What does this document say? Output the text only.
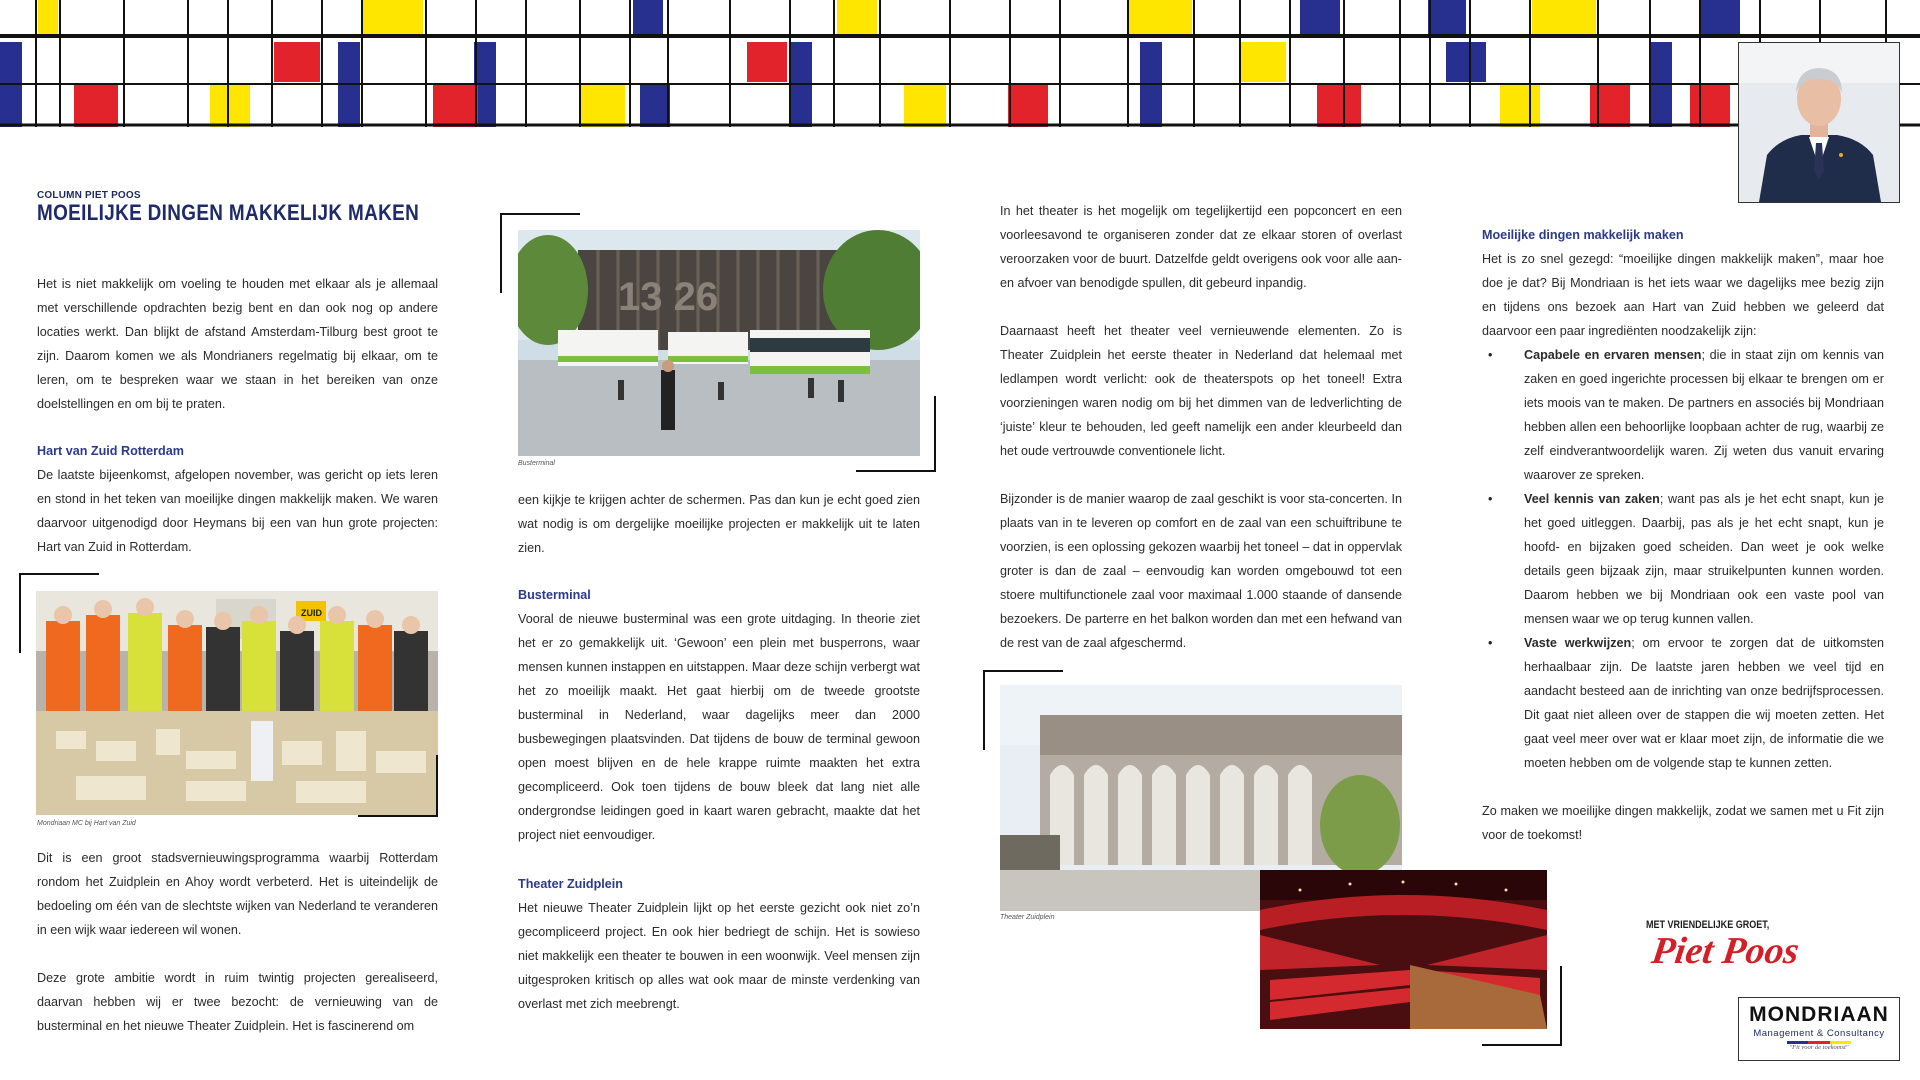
COLUMN PIET POOS
MOEILIJKE DINGEN MAKKELIJK MAKEN

Het is niet makkelijk om voeling te houden met elkaar als je allemaal met verschillende opdrachten bezig bent en dan ook nog op andere locaties werkt. Dan blijkt de afstand Amsterdam-Tilburg best groot te zijn. Daarom komen we als Mondrianers regelmatig bij elkaar, om te leren, om te bespreken waar we staan in het bereiken van onze doelstellingen en om bij te praten.

Hart van Zuid Rotterdam

De laatste bijeenkomst, afgelopen november, was gericht op iets leren en stond in het teken van moeilijke dingen makkelijk maken. We waren daarvoor uitgenodigd door Heymans bij een van hun grote projecten: Hart van Zuid in Rotterdam.

ZUID
Mondriaan MC bij Hart van Zuid

Dit is een groot stadsvernieuwingsprogramma waarbij Rotterdam rondom het Zuidplein en Ahoy wordt verbeterd. Het is uiteindelijk de bedoeling om één van de slechtste wijken van Nederland te veranderen in een wijk waar iedereen wil wonen.

Deze grote ambitie wordt in ruim twintig projecten gerealiseerd, daarvan hebben wij er twee bezocht: de vernieuwing van de busterminal en het nieuwe Theater Zuidplein. Het is fascinerend om

13 26
Busterminal

een kijkje te krijgen achter de schermen. Pas dan kun je echt goed zien wat nodig is om dergelijke moeilijke projecten er makkelijk uit te laten zien.

Busterminal

Vooral de nieuwe busterminal was een grote uitdaging. In theorie ziet het er zo gemakkelijk uit. ‘Gewoon’ een plein met busperrons, waar mensen kunnen instappen en uitstappen. Maar deze schijn verbergt wat het zo moeilijk maakt. Het gaat hierbij om de tweede grootste busterminal in Nederland, waar dagelijks meer dan 2000 busbewegingen plaatsvinden. Dat tijdens de bouw de terminal gewoon open moest blijven en de hele krappe ruimte maakten het extra gecompliceerd. Ook toen tijdens de bouw bleek dat lang niet alle ondergrondse leidingen goed in kaart waren gebracht, maakte dat het project niet eenvoudiger.

Theater Zuidplein

Het nieuwe Theater Zuidplein lijkt op het eerste gezicht ook niet zo’n gecompliceerd project. En ook hier bedriegt de schijn. Het is sowieso niet makkelijk een theater te bouwen in een woonwijk. Veel mensen zijn uitgesproken kritisch op alles wat ook maar de minste verdenking van overlast met zich meebrengt.

In het theater is het mogelijk om tegelijkertijd een popconcert en een voorleesavond te organiseren zonder dat ze elkaar storen of overlast veroorzaken voor de buurt. Datzelfde geldt overigens ook voor alle aan- en afvoer van benodigde spullen, dit gebeurd inpandig.

Daarnaast heeft het theater veel vernieuwende elementen. Zo is Theater Zuidplein het eerste theater in Nederland dat helemaal met ledlampen wordt verlicht: ook de theaterspots op het toneel! Extra voorzieningen waren nodig om bij het dimmen van de ledverlichting de ‘juiste’ kleur te behouden, led geeft namelijk een ander kleurbeeld dan het oude vertrouwde conventionele licht.

Bijzonder is de manier waarop de zaal geschikt is voor sta-concerten. In plaats van in te leveren op comfort en de zaal van een schuiftribune te voorzien, is een oplossing gekozen waarbij het toneel – dat in oppervlak groter is dan de zaal – eenvoudig kan worden omgebouwd tot een stoere multifunctionele zaal voor maximaal 1.000 staande of dansende bezoekers. De parterre en het balkon worden dan met een hefwand van de rest van de zaal afgeschermd.

Theater Zuidplein

Moeilijke dingen makkelijk maken

Het is zo snel gezegd: “moeilijke dingen makkelijk maken”, maar hoe doe je dat? Bij Mondriaan is het iets waar we dagelijks mee bezig zijn en tijdens ons bezoek aan Hart van Zuid hebben we geleerd dat daarvoor een paar ingrediënten noodzakelijk zijn:

•	Capabele en ervaren mensen; die in staat zijn om kennis van zaken en goed ingerichte processen bij elkaar te brengen om er iets moois van te maken. De partners en associés bij Mondriaan hebben allen een behoorlijke loopbaan achter de rug, waarbij ze zelf eindverantwoordelijk waren. Zij weten dus vanuit ervaring waarover ze spreken.

•	Veel kennis van zaken; want pas als je het echt snapt, kun je het goed uitleggen. Daarbij, pas als je het echt snapt, kun je hoofd- en bijzaken goed scheiden. Dan weet je ook welke details geen bijzaak zijn, maar struikelpunten kunnen worden. Daarom hebben we bij Mondriaan ook een vaste pool van mensen waar we op terug kunnen vallen.

•	Vaste werkwijzen; om ervoor te zorgen dat de uitkomsten herhaalbaar zijn. De laatste jaren hebben we veel tijd en aandacht besteed aan de inrichting van onze bedrijfsprocessen. Dit gaat niet alleen over de stappen die wij moeten zetten. Het gaat veel meer over wat er klaar moet zijn, de informatie die we moeten hebben om de volgende stap te kunnen zetten.

Zo maken we moeilijke dingen makkelijk, zodat we samen met u Fit zijn voor de toekomst!

MET VRIENDELIJKE GROET,
Piet Poos
MONDRIAAN
Management & Consultancy
"Fit voor de toekomst"
